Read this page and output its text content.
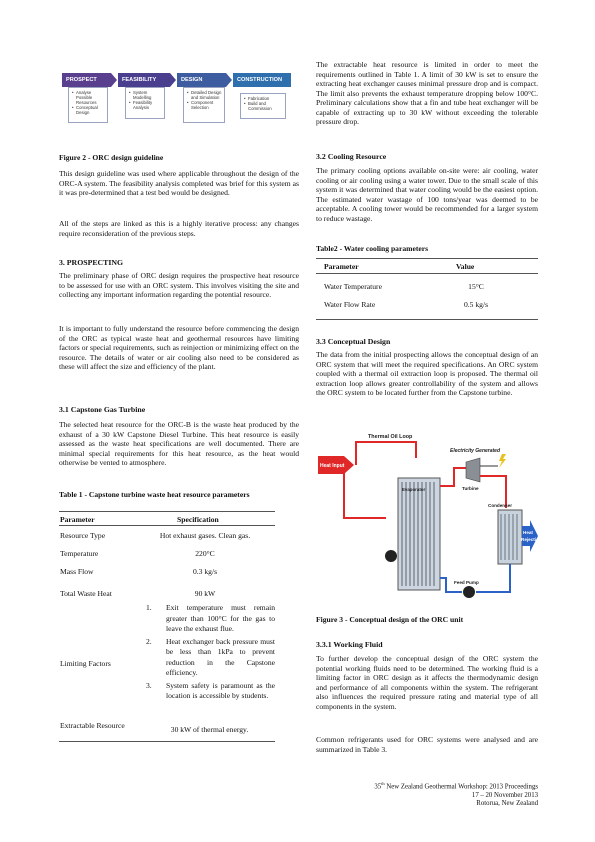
PROSPECT	FEASIBILITY	DESIGN	CONSTRUCTION
• Analyse Possible Resources
• Conceptual Design
• System Modelling
• Feasibility Analysis
• Detailed Design and Simulation
• Component Selection
• Fabrication
• Build and Commission
Figure 2 - ORC design guideline

This design guideline was used where applicable throughout the design of the ORC-A system. The feasibility analysis completed was brief for this system as it was pre-determined that a test bed would be designed.

All of the steps are linked as this is a highly iterative process: any changes require reconsideration of the previous steps.

3. PROSPECTING

The preliminary phase of ORC design requires the prospective heat resource to be assessed for use with an ORC system. This involves visiting the site and collecting any important information regarding the potential resource.

It is important to fully understand the resource before commencing the design of the ORC as typical waste heat and geothermal resources have limiting factors or special requirements, such as reinjection or minimizing effect on the resource. The details of water or air cooling also need to be considered as these will affect the size and efficiency of the plant.

3.1 Capstone Gas Turbine

The selected heat resource for the ORC-B is the waste heat produced by the exhaust of a 30 kW Capstone Diesel Turbine. This heat resource is easily assessed as the waste heat specifications are well documented. There are minimal special requirements for this heat resource, as the heat would otherwise be vented to atmosphere.

Table 1 - Capstone turbine waste heat resource parameters

Parameter	Specification
Resource Type	Hot exhaust gases. Clean gas.
Temperature	220°C
Mass Flow	0.3 kg/s
Total Waste Heat	90 kW
Limiting Factors
1. Exit temperature must remain greater than 100°C for the gas to leave the exhaust flue.
2. Heat exchanger back pressure must be less than 1kPa to prevent reduction in the Capstone efficiency.
3. System safety is paramount as the location is accessible by students.
Extractable Resource	30 kW of thermal energy.

The extractable heat resource is limited in order to meet the requirements outlined in Table 1. A limit of 30 kW is set to ensure the extracting heat exchanger causes minimal pressure drop and is compact. The limit also prevents the exhaust temperature dropping below 100°C. Preliminary calculations show that a fin and tube heat exchanger will be capable of extracting up to 30 kW without exceeding the tolerable pressure drop.

3.2 Cooling Resource

The primary cooling options available on-site were: air cooling, water cooling or air cooling using a water tower. Due to the small scale of this system it was determined that water cooling would be the easiest option. The estimated water wastage of 100 tons/year was deemed to be acceptable. A cooling tower would be recommended for a larger system to reduce wastage.

Table2 - Water cooling parameters
Parameter	Value
Water Temperature	15°C
Water Flow Rate	0.5 kg/s
3.3 Conceptual Design

The data from the initial prospecting allows the conceptual design of an ORC system that will meet the required specifications. An ORC system coupled with a thermal oil extraction loop is proposed. The thermal oil extraction loop allows greater controllability of the system and allows the ORC system to be located further from the Capstone turbine.

Thermal Oil Loop
Heat Input
Evaporator	Turbine
Electricity Generated
Condenser
Heat
Rejection
Feed Pump
Figure 3 - Conceptual design of the ORC unit
3.3.1 Working Fluid

To further develop the conceptual design of the ORC system the potential working fluids need to be determined. The working fluid is a limiting factor in ORC design as it affects the thermodynamic design and performance of all components within the system. The refrigerant also influences the required pressure rating and material type of all components in the system.

Common refrigerants used for ORC systems were analysed and are summarized in Table 3.

35th New Zealand Geothermal Workshop: 2013 Proceedings
17 – 20 November 2013
Rotorua, New Zealand
